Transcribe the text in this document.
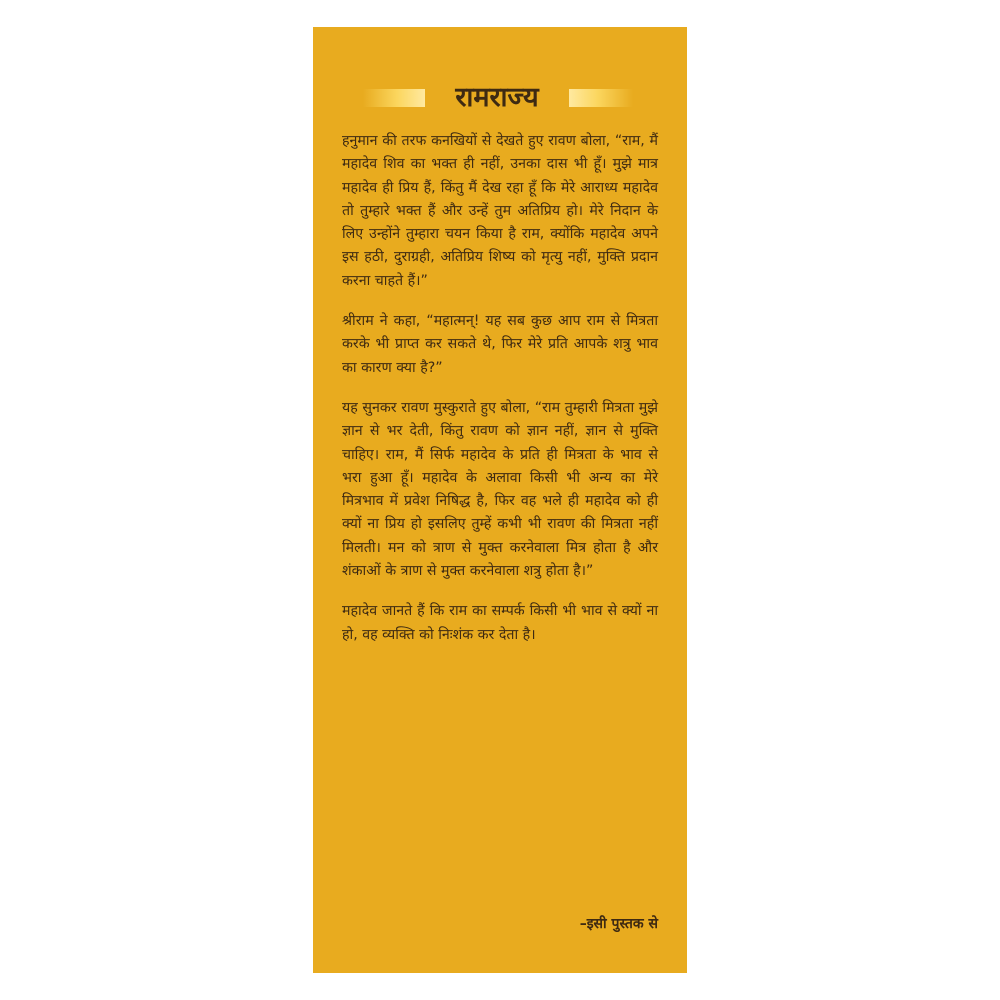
रामराज्य

हनुमान की तरफ कनखियों से देखते हुए रावण बोला, “राम, मैं महादेव शिव का भक्त ही नहीं, उनका दास भी हूँ। मुझे मात्र महादेव ही प्रिय हैं, किंतु मैं देख रहा हूँ कि मेरे आराध्य महादेव तो तुम्हारे भक्त हैं और उन्हें तुम अतिप्रिय हो। मेरे निदान के लिए उन्होंने तुम्हारा चयन किया है राम, क्योंकि महादेव अपने इस हठी, दुराग्रही, अतिप्रिय शिष्य को मृत्यु नहीं, मुक्ति प्रदान करना चाहते हैं।”

श्रीराम ने कहा, “महात्मन्! यह सब कुछ आप राम से मित्रता करके भी प्राप्त कर सकते थे, फिर मेरे प्रति आपके शत्रु भाव का कारण क्या है?”

यह सुनकर रावण मुस्कुराते हुए बोला, “राम तुम्हारी मित्रता मुझे ज्ञान से भर देती, किंतु रावण को ज्ञान नहीं, ज्ञान से मुक्ति चाहिए। राम, मैं सिर्फ महादेव के प्रति ही मित्रता के भाव से भरा हुआ हूँ। महादेव के अलावा किसी भी अन्य का मेरे मित्रभाव में प्रवेश निषिद्ध है, फिर वह भले ही महादेव को ही क्यों ना प्रिय हो इसलिए तुम्हें कभी भी रावण की मित्रता नहीं मिलती। मन को त्राण से मुक्त करनेवाला मित्र होता है और शंकाओं के त्राण से मुक्त करनेवाला शत्रु होता है।”

महादेव जानते हैं कि राम का सम्पर्क किसी भी भाव से क्यों ना हो, वह व्यक्ति को निःशंक कर देता है।

–इसी पुस्तक से
